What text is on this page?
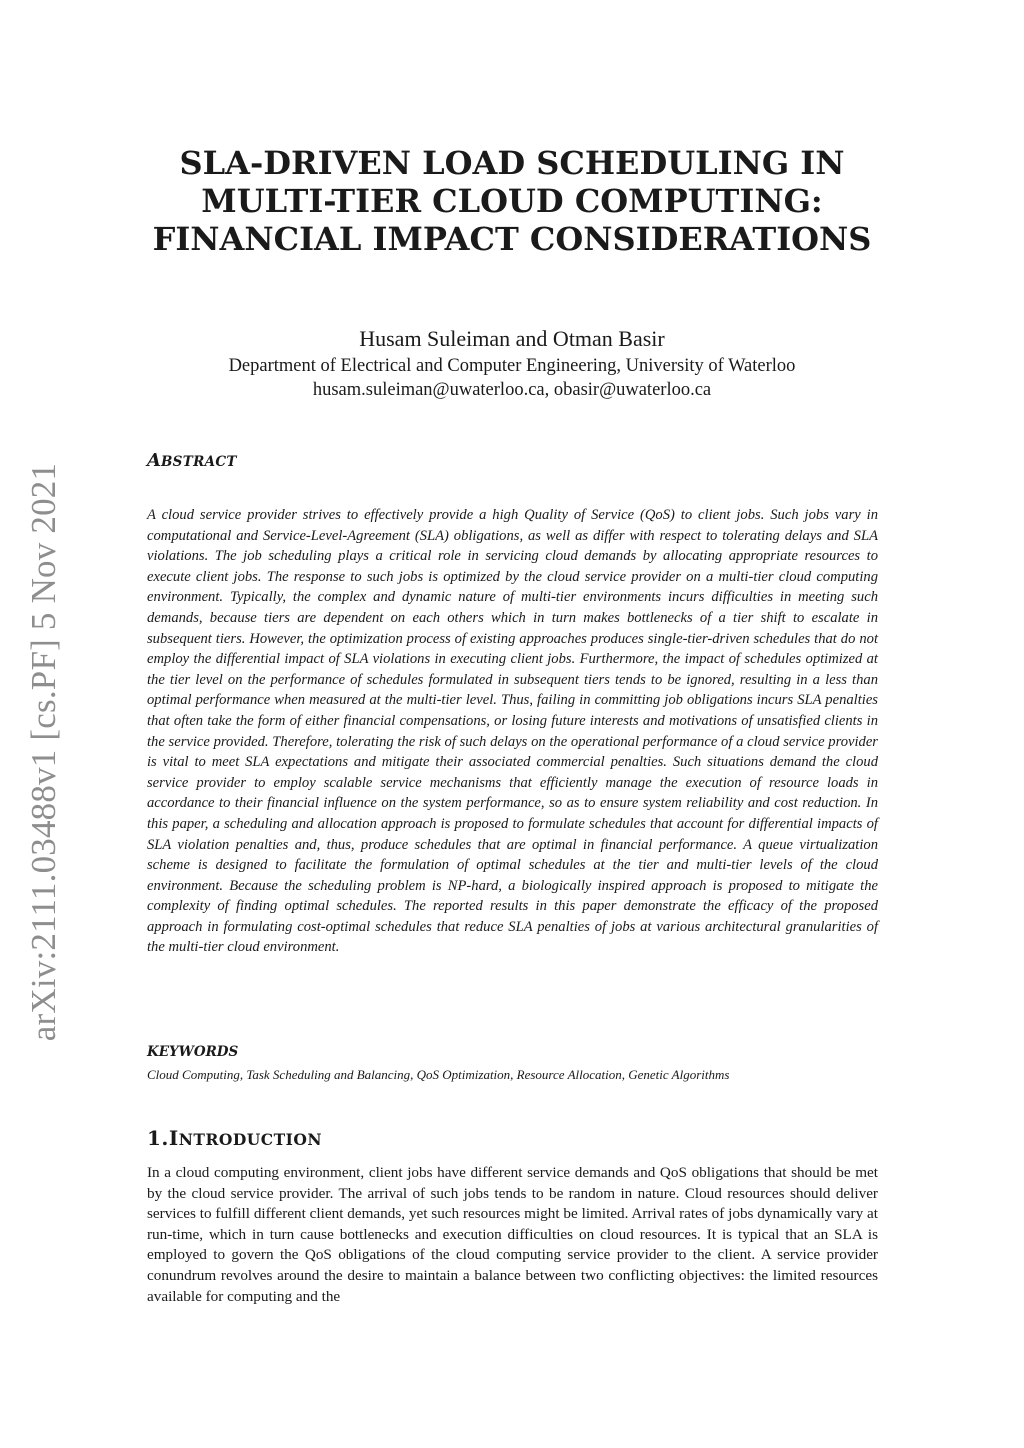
arXiv:2111.03488v1 [cs.PF] 5 Nov 2021
SLA-DRIVEN LOAD SCHEDULING IN
MULTI-TIER CLOUD COMPUTING:
FINANCIAL IMPACT CONSIDERATIONS
Husam Suleiman and Otman Basir
Department of Electrical and Computer Engineering, University of Waterloo
husam.suleiman@uwaterloo.ca, obasir@uwaterloo.ca
ABSTRACT

A cloud service provider strives to effectively provide a high Quality of Service (QoS) to client jobs. Such jobs vary in computational and Service-Level-Agreement (SLA) obligations, as well as differ with respect to tolerating delays and SLA violations. The job scheduling plays a critical role in servicing cloud demands by allocating appropriate resources to execute client jobs. The response to such jobs is optimized by the cloud service provider on a multi-tier cloud computing environment. Typically, the complex and dynamic nature of multi-tier environments incurs difficulties in meeting such demands, because tiers are dependent on each others which in turn makes bottlenecks of a tier shift to escalate in subsequent tiers. However, the optimization process of existing approaches produces single-tier-driven schedules that do not employ the differential impact of SLA violations in executing client jobs. Furthermore, the impact of schedules optimized at the tier level on the performance of schedules formulated in subsequent tiers tends to be ignored, resulting in a less than optimal performance when measured at the multi-tier level. Thus, failing in committing job obligations incurs SLA penalties that often take the form of either financial compensations, or losing future interests and motivations of unsatisfied clients in the service provided. Therefore, tolerating the risk of such delays on the operational performance of a cloud service provider is vital to meet SLA expectations and mitigate their associated commercial penalties. Such situations demand the cloud service provider to employ scalable service mechanisms that efficiently manage the execution of resource loads in accordance to their financial influence on the system performance, so as to ensure system reliability and cost reduction. In this paper, a scheduling and allocation approach is proposed to formulate schedules that account for differential impacts of SLA violation penalties and, thus, produce schedules that are optimal in financial performance. A queue virtualization scheme is designed to facilitate the formulation of optimal schedules at the tier and multi-tier levels of the cloud environment. Because the scheduling problem is NP-hard, a biologically inspired approach is proposed to mitigate the complexity of finding optimal schedules. The reported results in this paper demonstrate the efficacy of the proposed approach in formulating cost-optimal schedules that reduce SLA penalties of jobs at various architectural granularities of the multi-tier cloud environment.

KEYWORDS
Cloud Computing, Task Scheduling and Balancing, QoS Optimization, Resource Allocation, Genetic Algorithms
1.INTRODUCTION

In a cloud computing environment, client jobs have different service demands and QoS obligations that should be met by the cloud service provider. The arrival of such jobs tends to be random in nature. Cloud resources should deliver services to fulfill different client demands, yet such resources might be limited. Arrival rates of jobs dynamically vary at run-time, which in turn cause bottlenecks and execution difficulties on cloud resources. It is typical that an SLA is employed to govern the QoS obligations of the cloud computing service provider to the client. A service provider conundrum revolves around the desire to maintain a balance between two conflicting objectives: the limited resources available for computing and the
